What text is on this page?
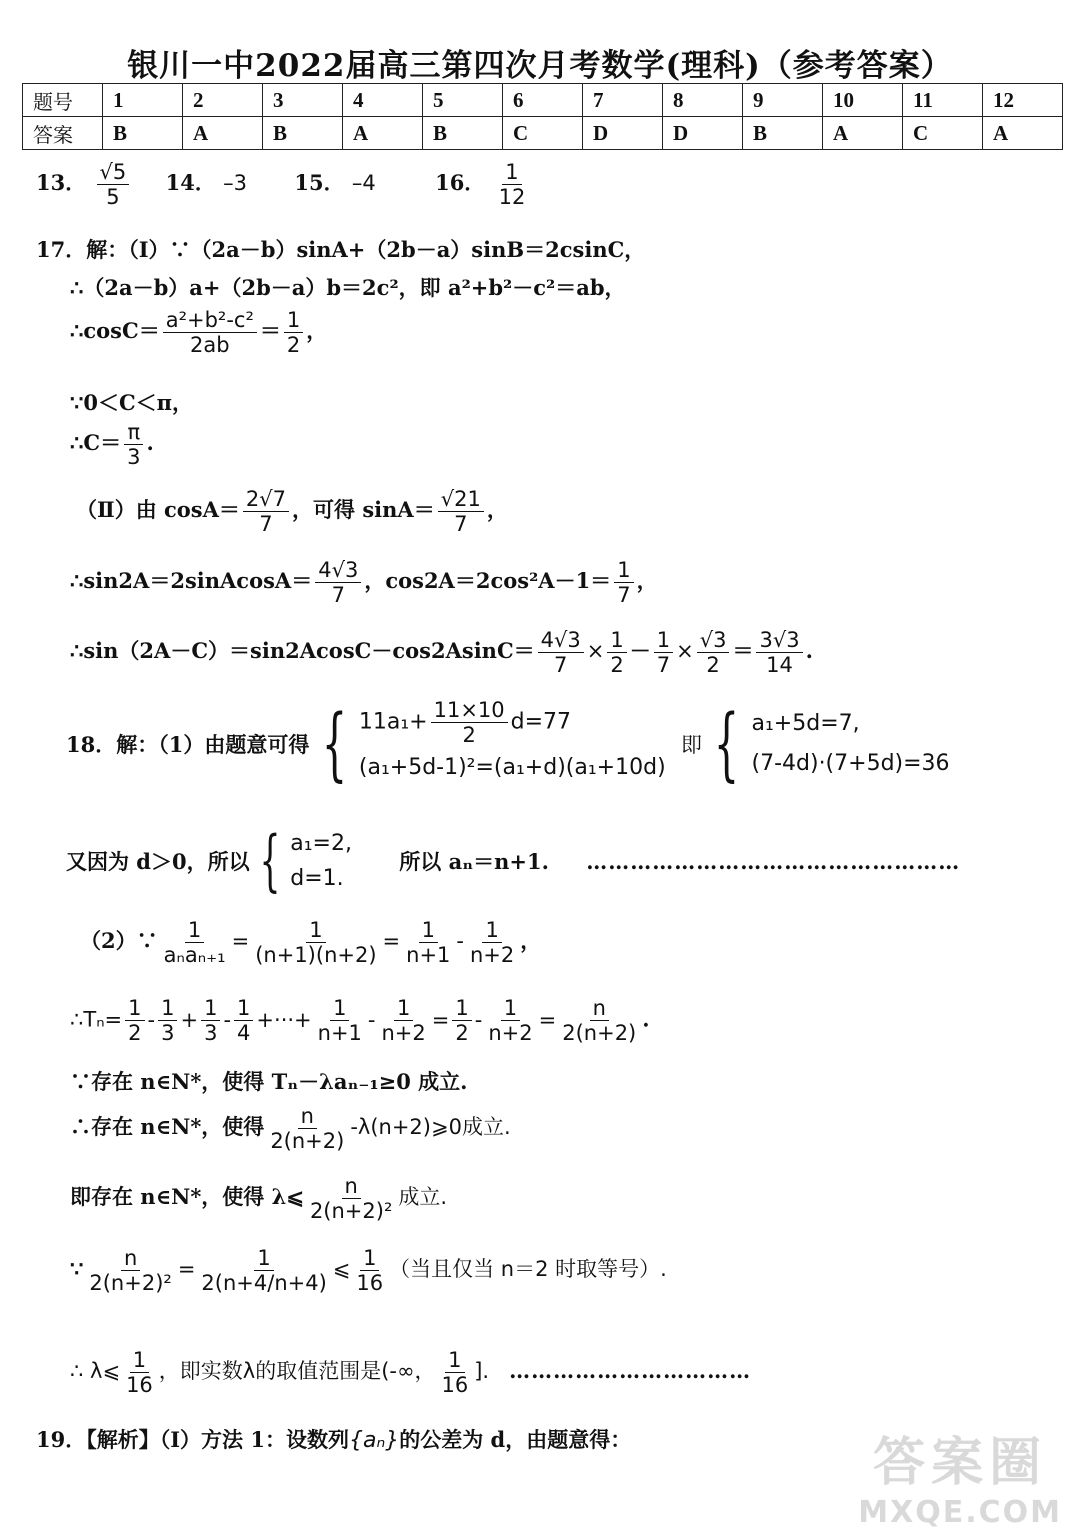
银川一中2022届高三第四次月考数学(理科)（参考答案）
题号	1	2	3	4	5	6	7	8	9	10	11	12
答案	B	A	B	A	B	C	D	D	B	A	C	A
13． $\frac{√5}{5} 14$． –3 15． –4	16． $\frac{1}{12}$
17．解：（Ⅰ）∵（2a－b）sinA+（2b－a）sinB＝2csinC，
∴（2a－b）a+（2b－a）b＝2c²，即 a²+b²－c²＝ab，
∴cosC＝ $\frac{\text{a²+b²-c²}}{2ab} = \frac{1}{2}$ ，
∵0＜C＜π，
∴C＝ $\frac{\pi}{3}$ .
（Ⅱ）由 $\cos A= \frac{2√7}{7}$ ，可得 $\sin A= \frac{√21}{7}$ ，
∴sin2A＝2sinAcosA＝ $\frac{4√3}{7}$ ，$\cos 2A=2\cos^2A-1= \frac{1}{7}$ ，
∴sin（2A－C）＝sin2AcosC－cos2AsinC＝ $\frac{4√3}{7} \times \frac{1}{2} - \frac{1}{7} \times \frac{√3}{2} = \frac{3√3}{14}$ .
18．解：（1）由题意可得 { $11a_1+ \frac{11\times 10}{2} d=77$
(a₁+5d-1)²=(a₁+d)(a₁+10d)
即 { a₁+5d=7,
(7-4d)·(7+5d)=36
又因为 d＞0，所以 { a₁=2,
d=1.
所以 aₙ＝n+1. ……………………………………………
（2）∵ $\frac{1}{\text{aₙaₙ₊₁}} = \frac{1}{(n+1)(n+2)} = \frac{1}{n+1} - \frac{1}{n+2}$ ，
∴Tₙ= $\frac{1}{2} - \frac{1}{3} + \frac{1}{3} - \frac{1}{4}$ +···+ $\frac{1}{n+1} - \frac{1}{n+2} = \frac{1}{2} - \frac{1}{n+2} = \frac{n}{2(n+2)}$ .
∵存在 n∈N*，使得 Tₙ－λaₙ₋₁≥0 成立.
∴存在 n∈N*，使得 $\frac{n}{2(n+2)}$ -λ(n+2)⩾0成立.
即存在 n∈N*，使得 λ⩽ $\frac{n}{\text{2(n+2)²}}$ 成立.
∵ $\frac{n}{\text{2(n+2)²}} = \frac{1}{2(n+4/n+4)}$ ⩽ $\frac{1}{16}$ （当且仅当 n＝2 时取等号）.
∴ λ⩽ $\frac{1}{16}$ ，即实数λ的取值范围是(-∞， $\frac{1}{16}$ ]. ……………………………
19．【解析】（Ⅰ）方法 1：设数列{aₙ}的公差为 d，由题意得：	答案圈
MXQE.COM
